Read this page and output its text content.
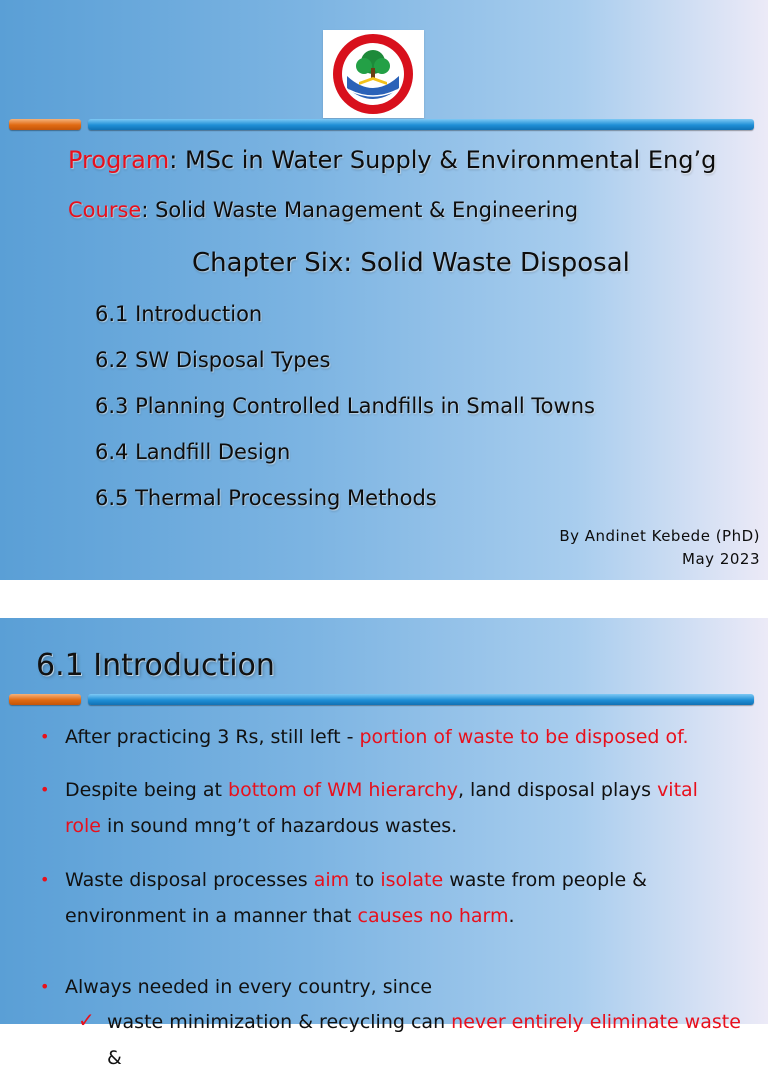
Program: MSc in Water Supply & Environmental Eng’g
Course: Solid Waste Management & Engineering
Chapter Six: Solid Waste Disposal
6.1 Introduction
6.2 SW Disposal Types
6.3 Planning Controlled Landfills in Small Towns
6.4 Landfill Design
6.5 Thermal Processing Methods
By Andinet Kebede (PhD)
May 2023
6.1 Introduction
• After practicing 3 Rs, still left - portion of waste to be disposed of.
• Despite being at bottom of WM hierarchy, land disposal plays vital role in sound mng’t of hazardous wastes.
• Waste disposal processes aim to isolate waste from people & environment in a manner that causes no harm.
• Always needed in every country, since
✓ waste minimization & recycling can never entirely eliminate waste &
